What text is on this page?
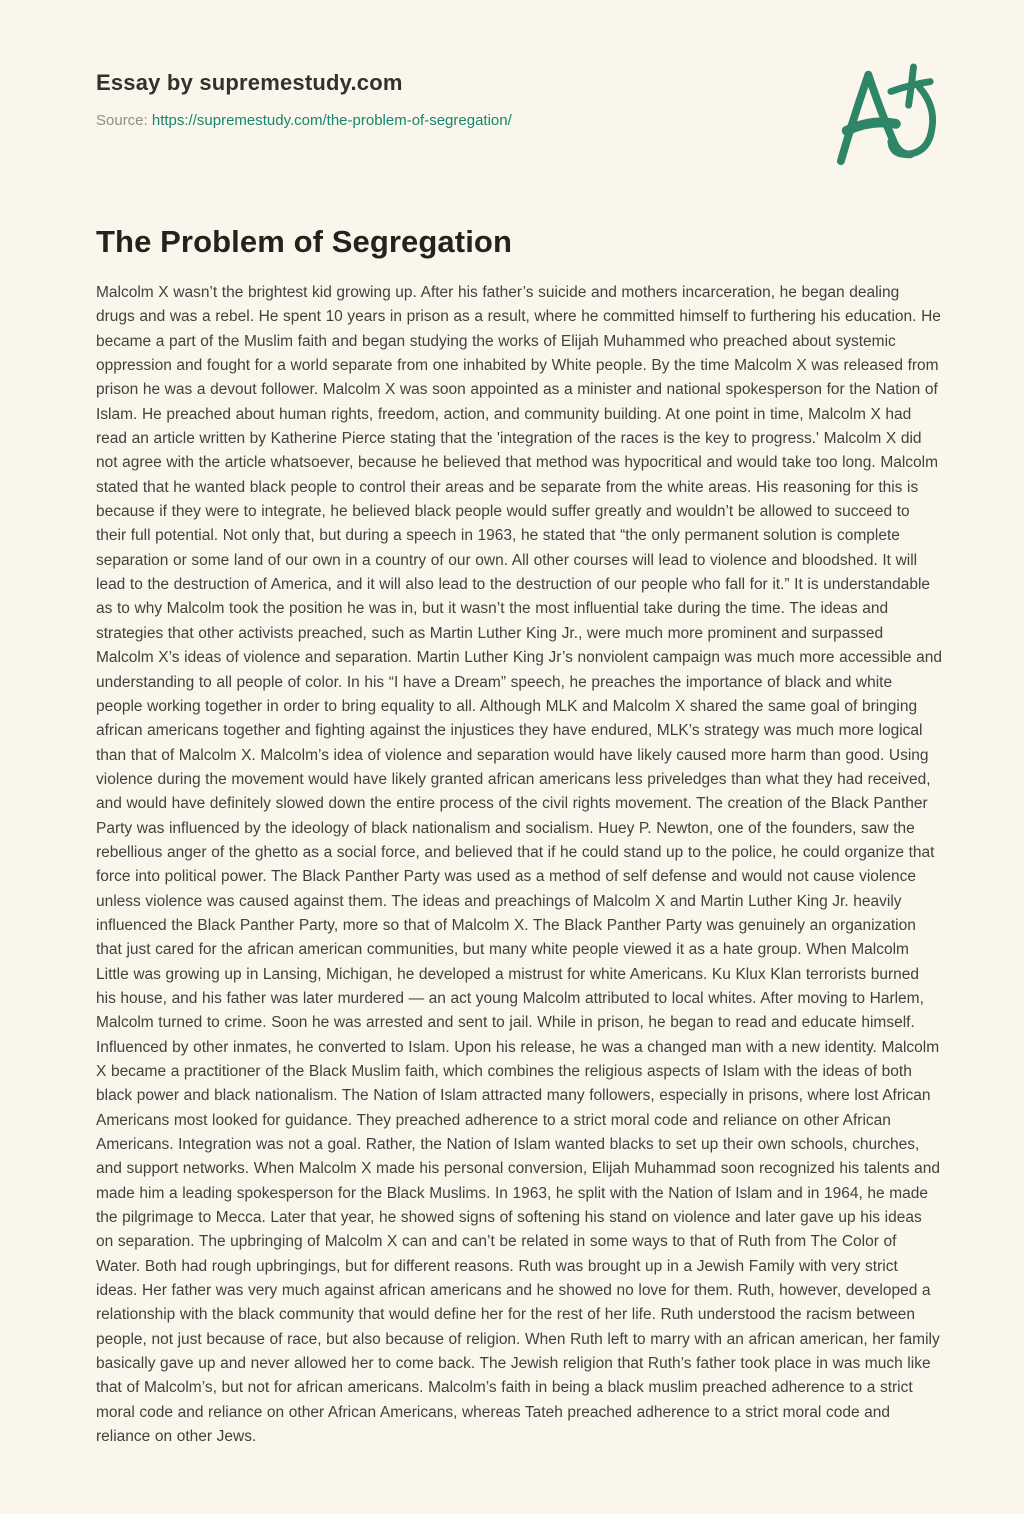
Essay by supremestudy.com
Source: https://supremestudy.com/the-problem-of-segregation/
The Problem of Segregation

Malcolm X wasn’t the brightest kid growing up. After his father’s suicide and mothers incarceration, he began dealing drugs and was a rebel. He spent 10 years in prison as a result, where he committed himself to furthering his education. He became a part of the Muslim faith and began studying the works of Elijah Muhammed who preached about systemic oppression and fought for a world separate from one inhabited by White people. By the time Malcolm X was released from prison he was a devout follower. Malcolm X was soon appointed as a minister and national spokesperson for the Nation of Islam. He preached about human rights, freedom, action, and community building. At one point in time, Malcolm X had read an article written by Katherine Pierce stating that the 'integration of the races is the key to progress.' Malcolm X did not agree with the article whatsoever, because he believed that method was hypocritical and would take too long. Malcolm stated that he wanted black people to control their areas and be separate from the white areas. His reasoning for this is because if they were to integrate, he believed black people would suffer greatly and wouldn’t be allowed to succeed to their full potential. Not only that, but during a speech in 1963, he stated that “the only permanent solution is complete separation or some land of our own in a country of our own. All other courses will lead to violence and bloodshed. It will lead to the destruction of America, and it will also lead to the destruction of our people who fall for it.” It is understandable as to why Malcolm took the position he was in, but it wasn’t the most influential take during the time. The ideas and strategies that other activists preached, such as Martin Luther King Jr., were much more prominent and surpassed Malcolm X’s ideas of violence and separation. Martin Luther King Jr’s nonviolent campaign was much more accessible and understanding to all people of color. In his “I have a Dream” speech, he preaches the importance of black and white people working together in order to bring equality to all. Although MLK and Malcolm X shared the same goal of bringing african americans together and fighting against the injustices they have endured, MLK’s strategy was much more logical than that of Malcolm X. Malcolm’s idea of violence and separation would have likely caused more harm than good. Using violence during the movement would have likely granted african americans less priveledges than what they had received, and would have definitely slowed down the entire process of the civil rights movement. The creation of the Black Panther Party was influenced by the ideology of black nationalism and socialism. Huey P. Newton, one of the founders, saw the rebellious anger of the ghetto as a social force, and believed that if he could stand up to the police, he could organize that force into political power. The Black Panther Party was used as a method of self defense and would not cause violence unless violence was caused against them. The ideas and preachings of Malcolm X and Martin Luther King Jr. heavily influenced the Black Panther Party, more so that of Malcolm X. The Black Panther Party was genuinely an organization that just cared for the african american communities, but many white people viewed it as a hate group. When Malcolm Little was growing up in Lansing, Michigan, he developed a mistrust for white Americans. Ku Klux Klan terrorists burned his house, and his father was later murdered — an act young Malcolm attributed to local whites. After moving to Harlem, Malcolm turned to crime. Soon he was arrested and sent to jail. While in prison, he began to read and educate himself. Influenced by other inmates, he converted to Islam. Upon his release, he was a changed man with a new identity. Malcolm X became a practitioner of the Black Muslim faith, which combines the religious aspects of Islam with the ideas of both black power and black nationalism. The Nation of Islam attracted many followers, especially in prisons, where lost African Americans most looked for guidance. They preached adherence to a strict moral code and reliance on other African Americans. Integration was not a goal. Rather, the Nation of Islam wanted blacks to set up their own schools, churches, and support networks. When Malcolm X made his personal conversion, Elijah Muhammad soon recognized his talents and made him a leading spokesperson for the Black Muslims. In 1963, he split with the Nation of Islam and in 1964, he made the pilgrimage to Mecca. Later that year, he showed signs of softening his stand on violence and later gave up his ideas on separation. The upbringing of Malcolm X can and can’t be related in some ways to that of Ruth from The Color of Water. Both had rough upbringings, but for different reasons. Ruth was brought up in a Jewish Family with very strict ideas. Her father was very much against african americans and he showed no love for them. Ruth, however, developed a relationship with the black community that would define her for the rest of her life. Ruth understood the racism between people, not just because of race, but also because of religion. When Ruth left to marry with an african american, her family basically gave up and never allowed her to come back. The Jewish religion that Ruth’s father took place in was much like that of Malcolm’s, but not for african americans. Malcolm’s faith in being a black muslim preached adherence to a strict moral code and reliance on other African Americans, whereas Tateh preached adherence to a strict moral code and reliance on other Jews.
